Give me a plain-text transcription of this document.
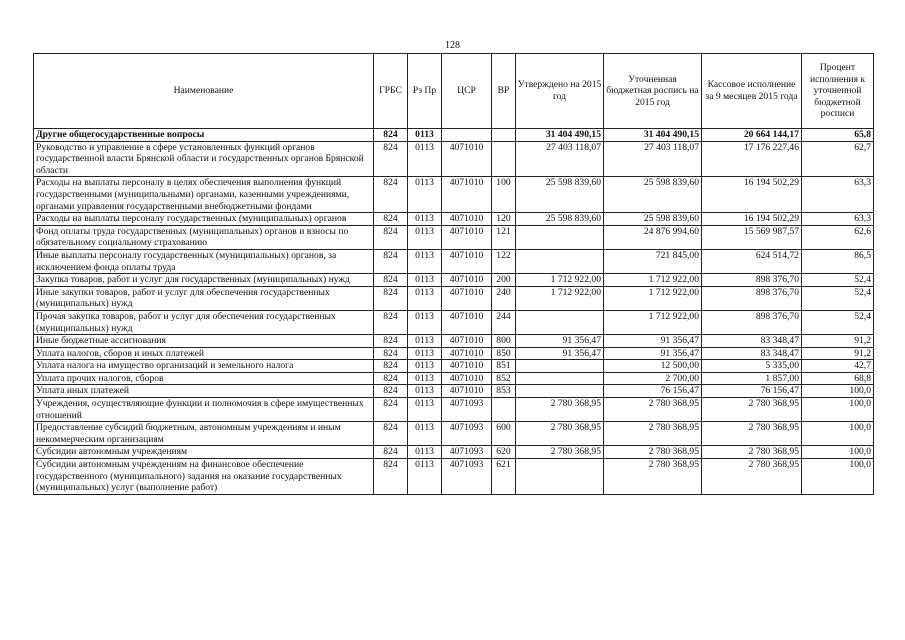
128
Наименование	ГРБС	Рз Пр	ЦСР	ВР	Утверждено на 2015 год	Уточненная бюджетная роспись на 2015 год	Кассовое исполнение за 9 месяцев 2015 года	Процент исполнения к уточненной бюджетной росписи
Другие общегосударственные вопросы	824	0113			31 404 490,15	31 404 490,15	20 664 144,17	65,8
Руководство и управление в сфере установленных функций органов государственной власти Брянской области и государственных органов Брянской области	824	0113	4071010		27 403 118,07	27 403 118,07	17 176 227,46	62,7
Расходы на выплаты персоналу в целях обеспечения выполнения функций государственными (муниципальными) органами, казенными учреждениями, органами управления государственными внебюджетными фондами	824	0113	4071010	100	25 598 839,60	25 598 839,60	16 194 502,29	63,3
Расходы на выплаты персоналу государственных (муниципальных) органов	824	0113	4071010	120	25 598 839,60	25 598 839,60	16 194 502,29	63,3
Фонд оплаты труда государственных (муниципальных) органов и взносы по обязательному социальному страхованию	824	0113	4071010	121		24 876 994,60	15 569 987,57	62,6
Иные выплаты персоналу государственных (муниципальных) органов, за исключением фонда оплаты труда	824	0113	4071010	122		721 845,00	624 514,72	86,5
Закупка товаров, работ и услуг для государственных (муниципальных) нужд	824	0113	4071010	200	1 712 922,00	1 712 922,00	898 376,70	52,4
Иные закупки товаров, работ и услуг для обеспечения государственных (муниципальных) нужд	824	0113	4071010	240	1 712 922,00	1 712 922,00	898 376,70	52,4
Прочая закупка товаров, работ и услуг для обеспечения государственных (муниципальных) нужд	824	0113	4071010	244		1 712 922,00	898 376,70	52,4
Иные бюджетные ассигнования	824	0113	4071010	800	91 356,47	91 356,47	83 348,47	91,2
Уплата налогов, сборов и иных платежей	824	0113	4071010	850	91 356,47	91 356,47	83 348,47	91,2
Уплата налога на имущество организаций и земельного налога	824	0113	4071010	851		12 500,00	5 335,00	42,7
Уплата прочих налогов, сборов	824	0113	4071010	852		2 700,00	1 857,00	68,8
Уплата иных платежей	824	0113	4071010	853		76 156,47	76 156,47	100,0
Учреждения, осуществляющие функции и полномочия в сфере имущественных отношений	824	0113	4071093		2 780 368,95	2 780 368,95	2 780 368,95	100,0
Предоставление субсидий бюджетным, автономным учреждениям и иным некоммерческим организациям	824	0113	4071093	600	2 780 368,95	2 780 368,95	2 780 368,95	100,0
Субсидии автономным учреждениям	824	0113	4071093	620	2 780 368,95	2 780 368,95	2 780 368,95	100,0
Субсидии автономным учреждениям на финансовое обеспечение государственного (муниципального) задания на оказание государственных (муниципальных) услуг (выполнение работ)	824	0113	4071093	621		2 780 368,95	2 780 368,95	100,0
